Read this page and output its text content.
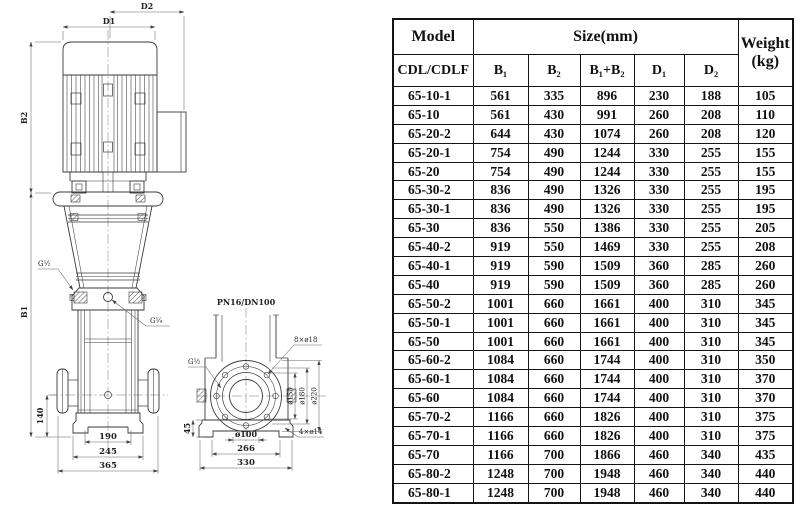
D2
D1
B2
B1
140
190
245
365
G½
G¼
PN16/DN100
8×ø18
G½
ø150 ø180 ø220
45	ø100
266
330
4×ø14
Model	Size(mm)					Weight
(kg)
CDL/CDLF	B₁	B₂	B₁+B₂	D₁	D₂	
65-10-1	561	335	896	230	188	105
65-10	561	430	991	260	208	110
65-20-2	644	430	1074	260	208	120
65-20-1	754	490	1244	330	255	155
65-20	754	490	1244	330	255	155
65-30-2	836	490	1326	330	255	195
65-30-1	836	490	1326	330	255	195
65-30	836	550	1386	330	255	205
65-40-2	919	550	1469	330	255	208
65-40-1	919	590	1509	360	285	260
65-40	919	590	1509	360	285	260
65-50-2	1001	660	1661	400	310	345
65-50-1	1001	660	1661	400	310	345
65-50	1001	660	1661	400	310	345
65-60-2	1084	660	1744	400	310	350
65-60-1	1084	660	1744	400	310	370
65-60	1084	660	1744	400	310	370
65-70-2	1166	660	1826	400	310	375
65-70-1	1166	660	1826	400	310	375
65-70	1166	700	1866	460	340	435
65-80-2	1248	700	1948	460	340	440
65-80-1	1248	700	1948	460	340	440
